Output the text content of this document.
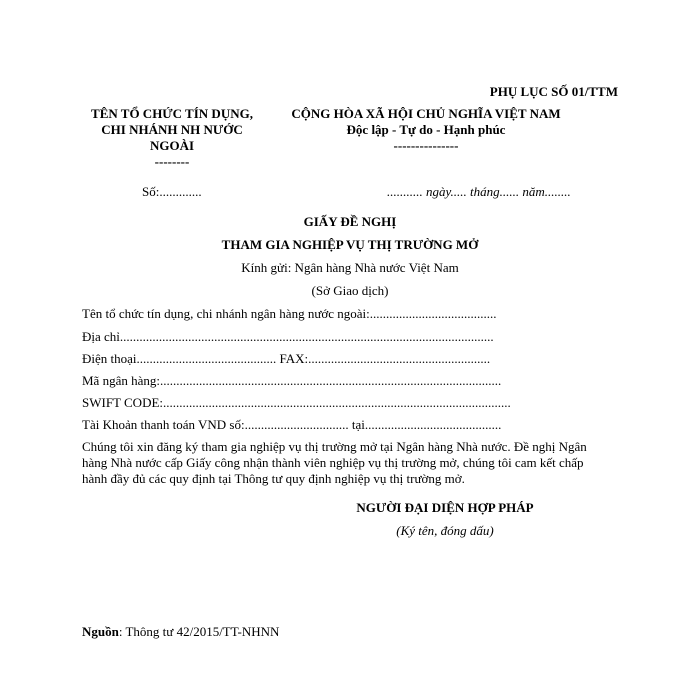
PHỤ LỤC SỐ 01/TTM
TÊN TỔ CHỨC TÍN DỤNG,
CHI NHÁNH NH NƯỚC
NGOÀI
--------
CỘNG HÒA XÃ HỘI CHỦ NGHĨA VIỆT NAM
Độc lập - Tự do - Hạnh phúc
---------------
Số:.............	........... ngày..... tháng...... năm........
GIẤY ĐỀ NGHỊ
THAM GIA NGHIỆP VỤ THỊ TRƯỜNG MỞ
Kính gửi: Ngân hàng Nhà nước Việt Nam
(Sở Giao dịch)
Tên tổ chức tín dụng, chi nhánh ngân hàng nước ngoài:.......................................
Địa chỉ...................................................................................................................
Điện thoại........................................... FAX:........................................................
Mã ngân hàng:.........................................................................................................
SWIFT CODE:...........................................................................................................
Tài Khoản thanh toán VND số:................................ tại..........................................
Chúng tôi xin đăng ký tham gia nghiệp vụ thị trường mở tại Ngân hàng Nhà nước. Đề nghị Ngân
hàng Nhà nước cấp Giấy công nhận thành viên nghiệp vụ thị trường mở, chúng tôi cam kết chấp
hành đầy đủ các quy định tại Thông tư quy định nghiệp vụ thị trường mở.
NGƯỜI ĐẠI DIỆN HỢP PHÁP
(Ký tên, đóng dấu)
Nguồn: Thông tư 42/2015/TT-NHNN
